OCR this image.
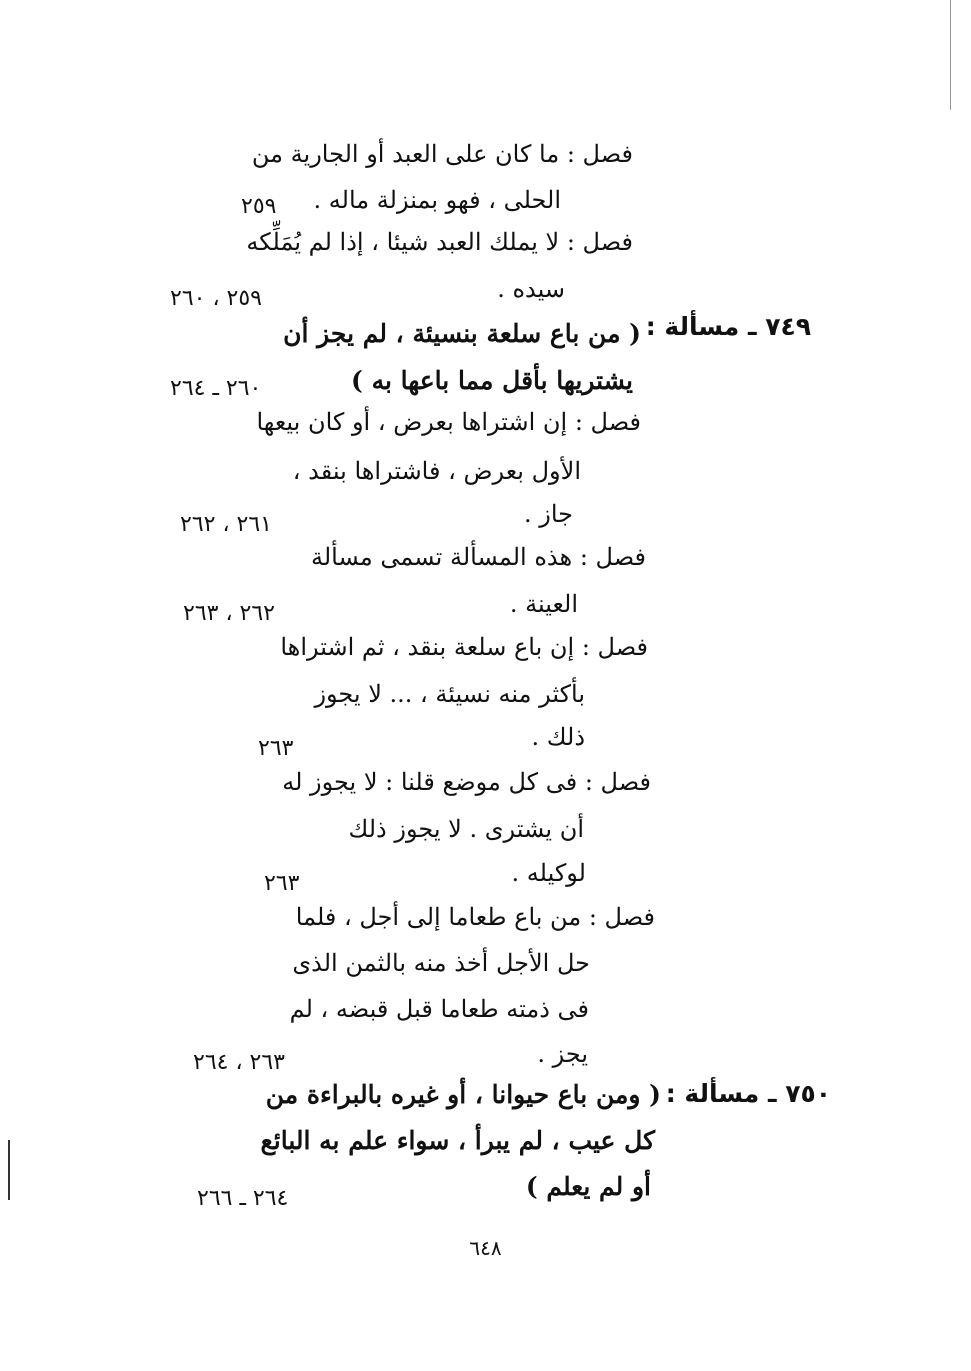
فصل : ما كان على العبد أو الجارية من
الحلى ، فهو بمنزلة ماله .
فصل : لا يملك العبد شيئا ، إذا لم يُمَلِّكه
سيده .
٧٤٩ ـ مسألة :
( من باع سلعة بنسيئة ، لم يجز أن
يشتريها بأقل مما باعها به )
فصل : إن اشتراها بعرض ، أو كان بيعها
الأول بعرض ، فاشتراها بنقد ،
جاز .
فصل : هذه المسألة تسمى مسألة
العينة .
فصل : إن باع سلعة بنقد ، ثم اشتراها
بأكثر منه نسيئة ، ... لا يجوز
ذلك .
فصل : فى كل موضع قلنا : لا يجوز له
أن يشترى . لا يجوز ذلك
لوكيله .
فصل : من باع طعاما إلى أجل ، فلما
حل الأجل أخذ منه بالثمن الذى
فى ذمته طعاما قبل قبضه ، لم
يجز .
٧٥٠ ـ مسألة :
( ومن باع حيوانا ، أو غيره بالبراءة من
كل عيب ، لم يبرأ ، سواء علم به البائع
أو لم يعلم )
٢٥٩
٢٥٩ ، ٢٦٠
٢٦٠ ـ ٢٦٤
٢٦١ ، ٢٦٢
٢٦٢ ، ٢٦٣
٢٦٣
٢٦٣
٢٦٣ ، ٢٦٤
٢٦٤ ـ ٢٦٦
٦٤٨
